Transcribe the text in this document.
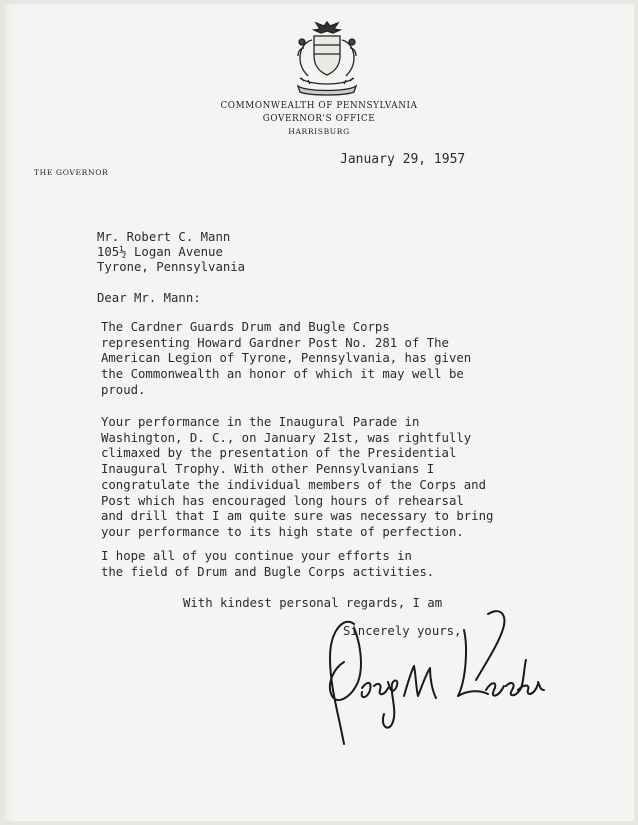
COMMONWEALTH OF PENNSYLVANIA
GOVERNOR'S OFFICE
HARRISBURG
THE GOVERNOR
January 29, 1957
Mr. Robert C. Mann
105½ Logan Avenue
Tyrone, Pennsylvania
Dear Mr. Mann:
The Cardner Guards Drum and Bugle Corps
representing Howard Gardner Post No. 281 of The
American Legion of Tyrone, Pennsylvania, has given
the Commonwealth an honor of which it may well be
proud.
Your performance in the Inaugural Parade in
Washington, D. C., on January 21st, was rightfully
climaxed by the presentation of the Presidential
Inaugural Trophy. With other Pennsylvanians I
congratulate the individual members of the Corps and
Post which has encouraged long hours of rehearsal
and drill that I am quite sure was necessary to bring
your performance to its high state of perfection.
I hope all of you continue your efforts in
the field of Drum and Bugle Corps activities.
With kindest personal regards, I am
Sincerely yours,
